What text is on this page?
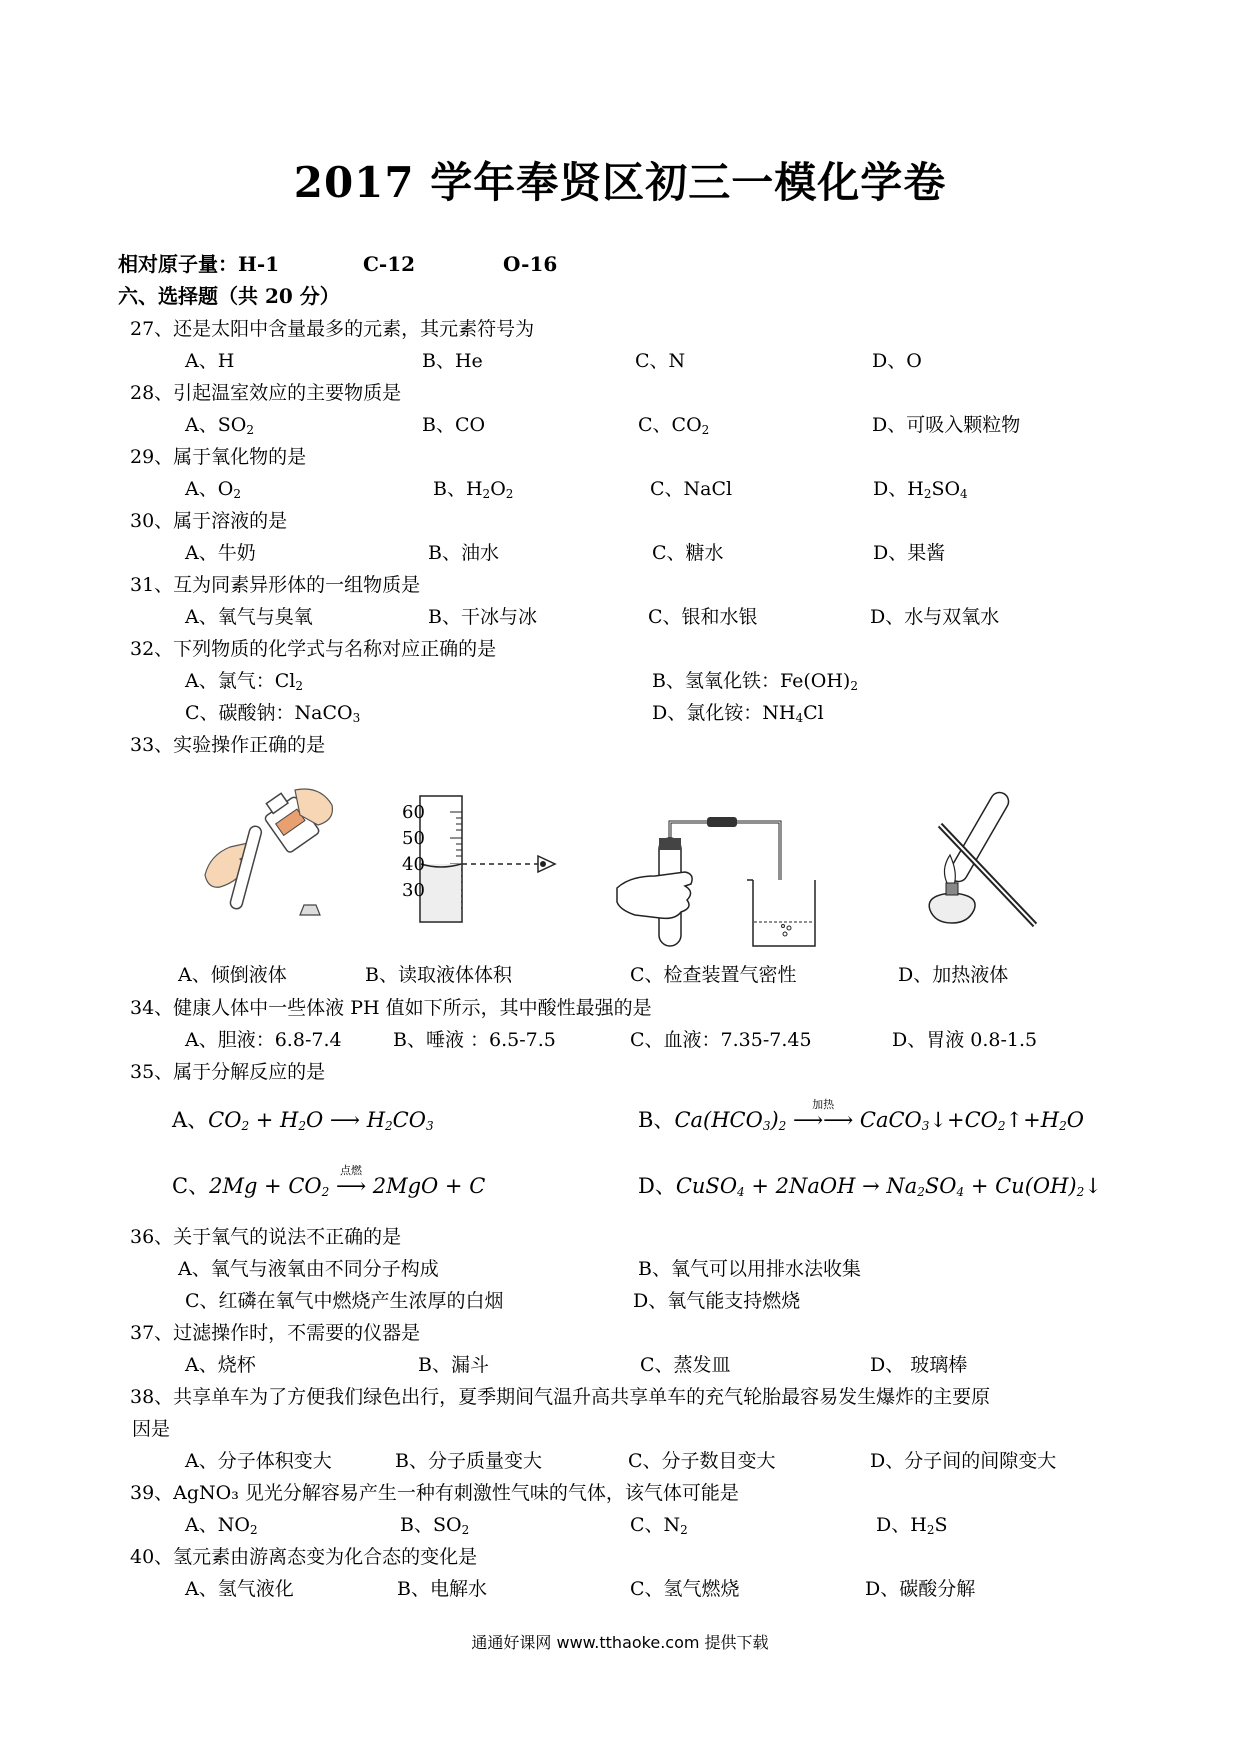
2017 学年奉贤区初三一模化学卷
相对原子量：H-1	C-12	O-16
六、选择题（共 20 分）
27、还是太阳中含量最多的元素，其元素符号为
A、H	B、He	C、N	D、O
28、引起温室效应的主要物质是
A、$SO_2$	B、CO	C、$CO_2$	D、可吸入颗粒物
29、属于氧化物的是
A、$O_2$	B、$H_2O_2$	C、NaCl	D、$H_2SO_4$
30、属于溶液的是
A、牛奶	B、油水	C、糖水	D、果酱
31、互为同素异形体的一组物质是
A、氧气与臭氧	B、干冰与冰	C、银和水银	D、水与双氧水
32、下列物质的化学式与名称对应正确的是
A、氯气：$Cl_2$	B、氢氧化铁：$Fe(OH)_2$
C、碳酸钠：NaCO$_3$	D、氯化铵：$NH_4Cl$
33、实验操作正确的是
60
50
40
30
A、倾倒液体	B、读取液体体积	C、检查装置气密性	D、加热液体
34、健康人体中一些体液 PH 值如下所示，其中酸性最强的是
A、胆液：6.8-7.4	B、唾液 ：6.5-7.5	C、血液：7.35-7.45	D、胃液 0.8-1.5
35、属于分解反应的是
A、$CO_2 + H_2O$ ⟶ $H_2CO_3$	B、$Ca(HCO_3)_2$
加热
⟶⟶ $CaCO_3↓+CO_2↑+H_2O$
C、$2Mg + CO_2$
点燃
⟶ 2MgO + C	D、CuSO$_4$ + 2NaOH → $Na_2SO_4$ + $Cu(OH)_2↓$
36、关于氧气的说法不正确的是
A、氧气与液氧由不同分子构成	B、氧气可以用排水法收集
C、红磷在氧气中燃烧产生浓厚的白烟	D、氧气能支持燃烧
37、过滤操作时，不需要的仪器是
A、烧杯	B、漏斗	C、蒸发皿	D、 玻璃棒
38、共享单车为了方便我们绿色出行，夏季期间气温升高共享单车的充气轮胎最容易发生爆炸的主要原
因是
A、分子体积变大	B、分子质量变大	C、分子数目变大	D、分子间的间隙变大
39、AgNO₃ 见光分解容易产生一种有刺激性气味的气体，该气体可能是
A、$NO_2$	B、$SO_2$	C、$N_2$	D、$H_2S$
40、氢元素由游离态变为化合态的变化是
A、氢气液化	B、电解水	C、氢气燃烧	D、碳酸分解
通通好课网 www.tthaoke.com 提供下载
